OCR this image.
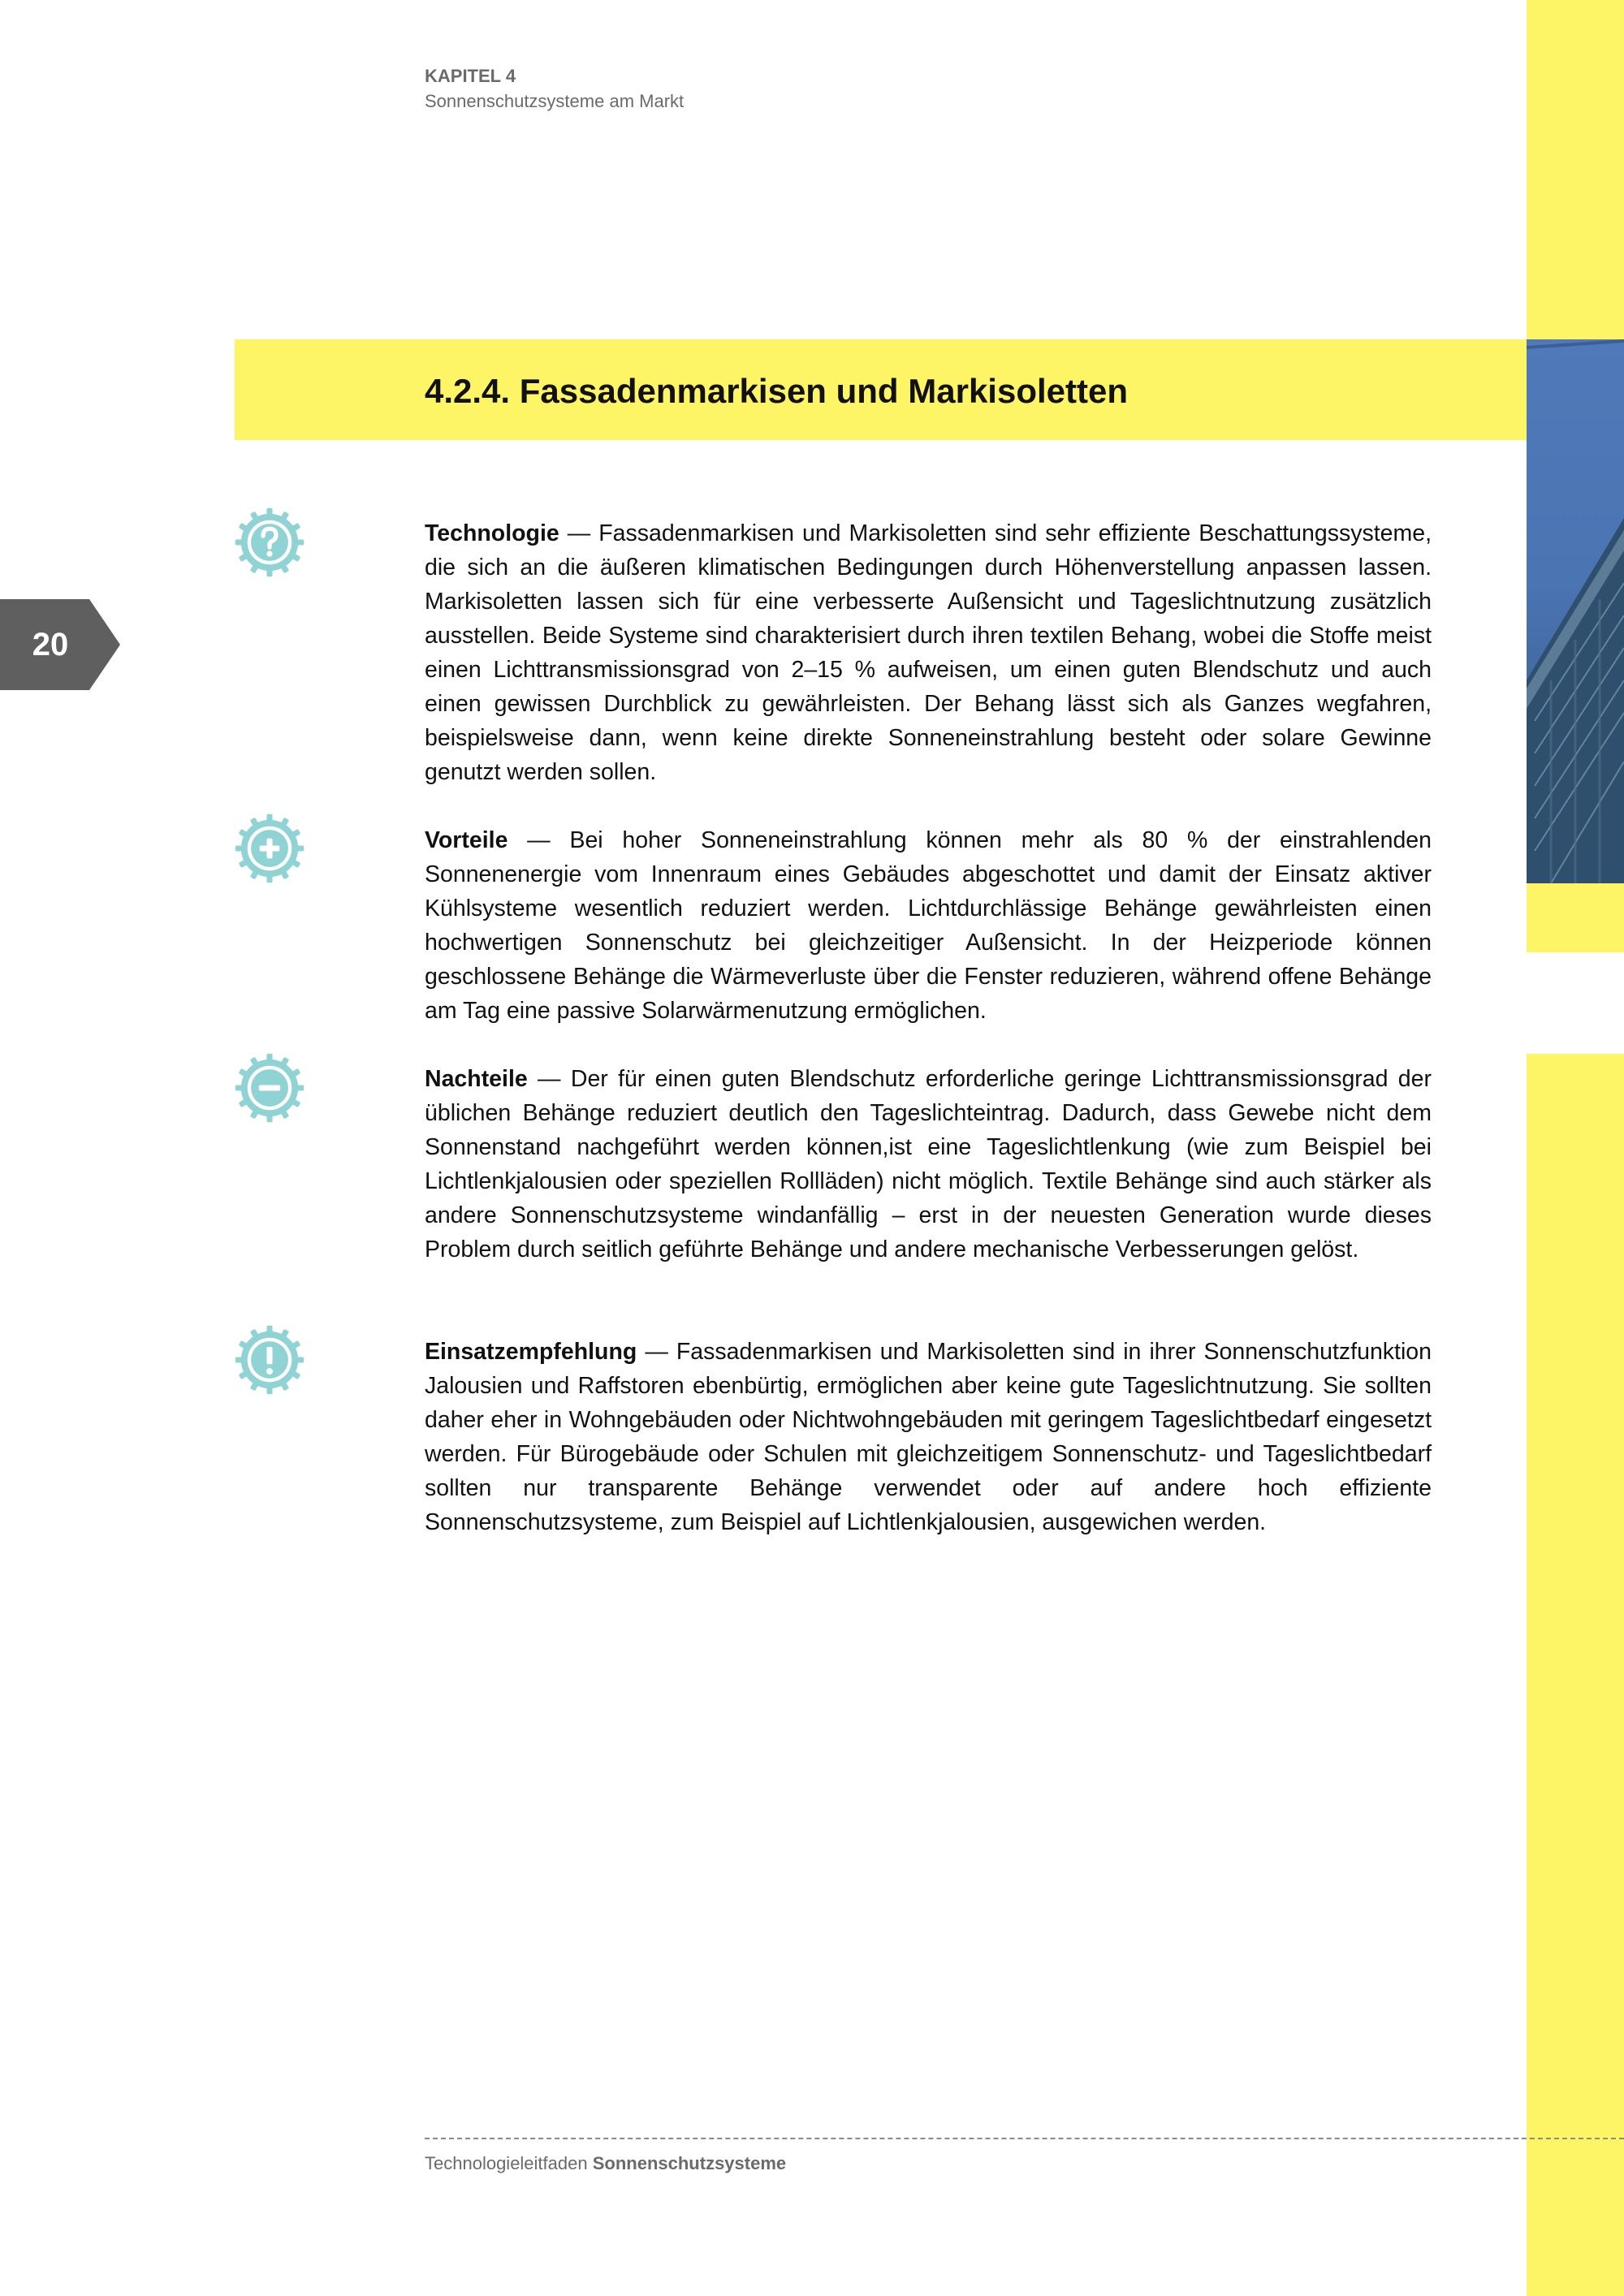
KAPITEL 4
Sonnenschutzsysteme am Markt
4.2.4. Fassadenmarkisen und Markisoletten
20

Technologie — Fassadenmarkisen und Markisoletten sind sehr effiziente Beschattungssysteme, die sich an die äußeren klimatischen Bedingungen durch Höhenverstellung anpassen lassen. Markisoletten lassen sich für eine verbesserte Außensicht und Tageslichtnutzung zusätzlich ausstellen. Beide Systeme sind charakterisiert durch ihren textilen Behang, wobei die Stoffe meist einen Lichttransmissionsgrad von 2–15 % aufweisen, um einen guten Blendschutz und auch einen gewissen Durchblick zu gewährleisten. Der Behang lässt sich als Ganzes wegfahren, beispielsweise dann, wenn keine direkte Sonneneinstrahlung besteht oder solare Gewinne genutzt werden sollen.

Vorteile — Bei hoher Sonneneinstrahlung können mehr als 80 % der einstrahlenden Sonnenenergie vom Innenraum eines Gebäudes abgeschottet und damit der Einsatz aktiver Kühlsysteme wesentlich reduziert werden. Lichtdurchlässige Behänge gewährleisten einen hochwertigen Sonnenschutz bei gleichzeitiger Außensicht. In der Heizperiode können geschlossene Behänge die Wärmeverluste über die Fenster reduzieren, während offene Behänge am Tag eine passive Solarwärmenutzung ermöglichen.

Nachteile — Der für einen guten Blendschutz erforderliche geringe Lichttransmissionsgrad der üblichen Behänge reduziert deutlich den Tageslichteintrag. Dadurch, dass Gewebe nicht dem Sonnenstand nachgeführt werden können,ist eine Tageslichtlenkung (wie zum Beispiel bei Lichtlenkjalousien oder speziellen Rollläden) nicht möglich. Textile Behänge sind auch stärker als andere Sonnenschutzsysteme windanfällig – erst in der neuesten Generation wurde dieses Problem durch seitlich geführte Behänge und andere mechanische Verbesserungen gelöst.

Einsatzempfehlung — Fassadenmarkisen und Markisoletten sind in ihrer Sonnenschutzfunktion Jalousien und Raffstoren ebenbürtig, ermöglichen aber keine gute Tageslichtnutzung. Sie sollten daher eher in Wohngebäuden oder Nichtwohngebäuden mit geringem Tageslichtbedarf eingesetzt werden. Für Bürogebäude oder Schulen mit gleichzeitigem Sonnenschutz- und Tageslichtbedarf sollten nur transparente Behänge verwendet oder auf andere hoch effiziente Sonnenschutzsysteme, zum Beispiel auf Lichtlenkjalousien, ausgewichen werden.

Technologieleitfaden Sonnenschutzsysteme
